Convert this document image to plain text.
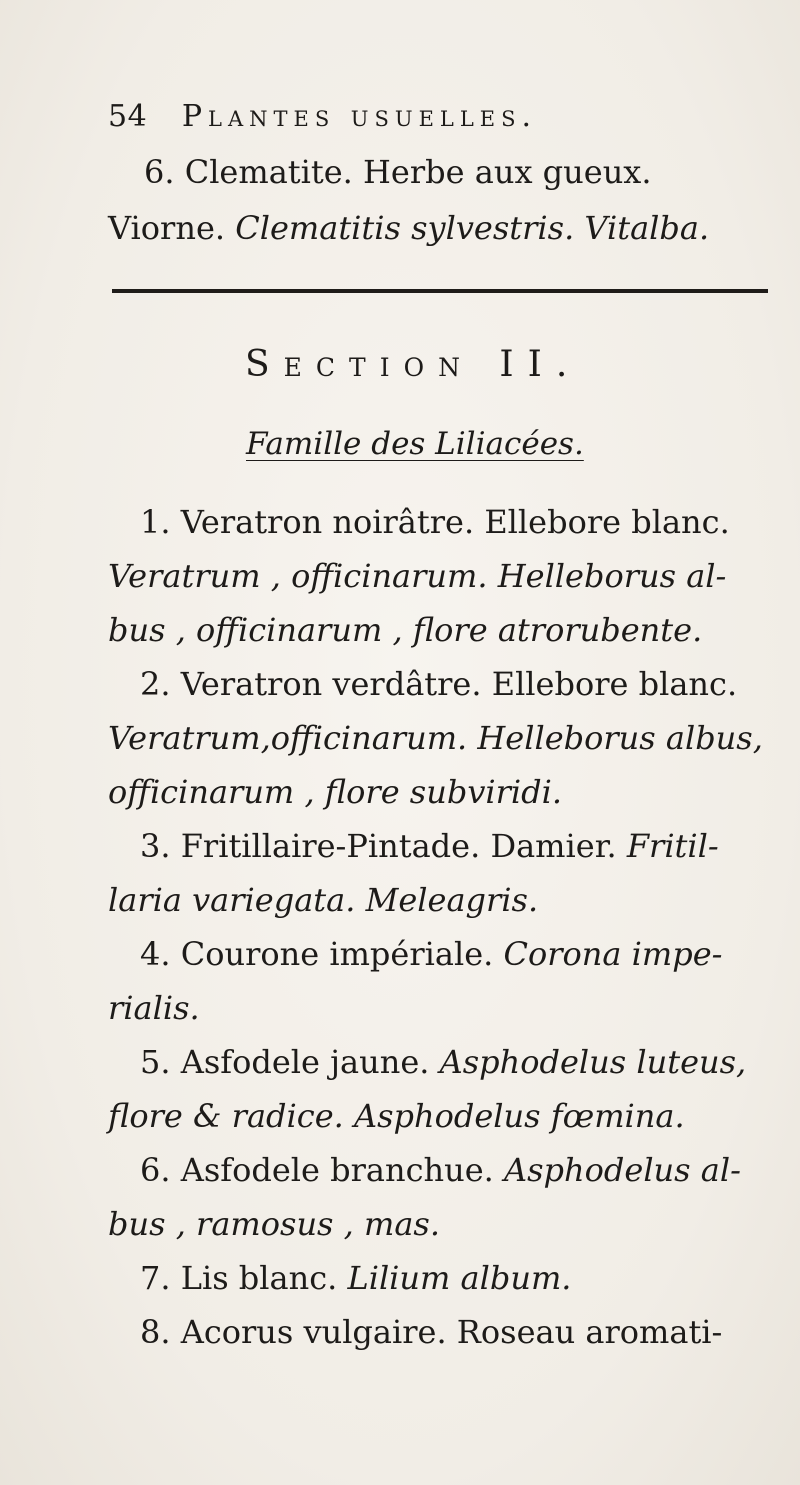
54 Plantes usuelles.
6. Clematite. Herbe aux gueux.
Viorne. Clematitis sylvestris. Vitalba.
Section II.
Famille des Liliacées.
1. Veratron noirâtre. Ellebore blanc.
Veratrum , officinarum. Helleborus al-
bus , officinarum , flore atrorubente.
2. Veratron verdâtre. Ellebore blanc.
Veratrum,officinarum. Helleborus albus,
officinarum , flore subviridi.
3. Fritillaire-Pintade. Damier. Fritil-
laria variegata. Meleagris.
4. Courone impériale. Corona impe-
rialis.
5. Asfodele jaune. Asphodelus luteus,
flore & radice. Asphodelus fœmina.
6. Asfodele branchue. Asphodelus al-
bus , ramosus , mas.
7. Lis blanc. Lilium album.
8. Acorus vulgaire. Roseau aromati-
